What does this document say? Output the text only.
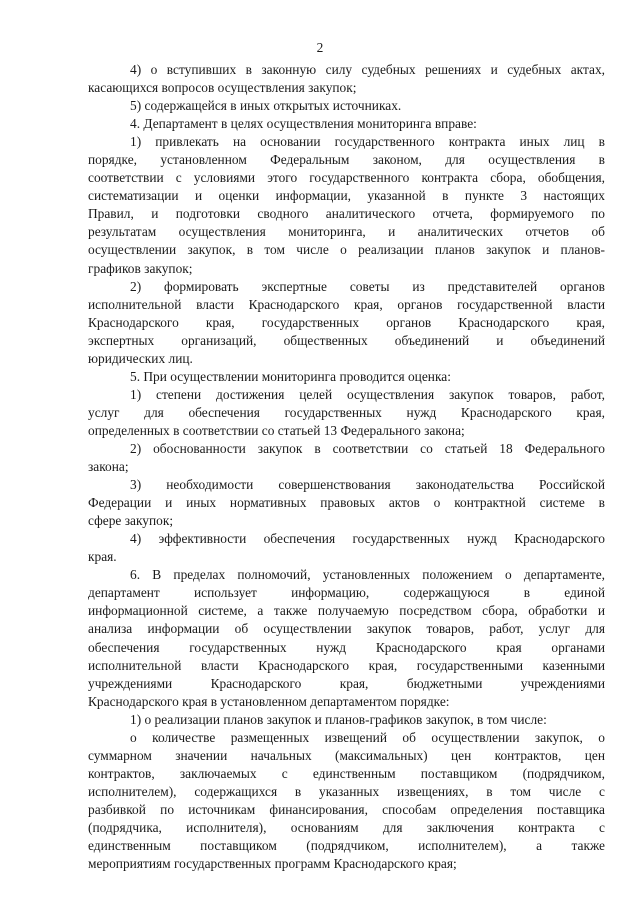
2
4) о вступивших в законную силу судебных решениях и судебных актах,
касающихся вопросов осуществления закупок;
5) содержащейся в иных открытых источниках.
4. Департамент в целях осуществления мониторинга вправе:
1) привлекать на основании государственного контракта иных лиц в
порядке, установленном Федеральным законом, для осуществления в
соответствии с условиями этого государственного контракта сбора, обобщения,
систематизации и оценки информации, указанной в пункте 3 настоящих
Правил, и подготовки сводного аналитического отчета, формируемого по
результатам осуществления мониторинга, и аналитических отчетов об
осуществлении закупок, в том числе о реализации планов закупок и планов-
графиков закупок;
2) формировать экспертные советы из представителей органов
исполнительной власти Краснодарского края, органов государственной власти
Краснодарского края, государственных органов Краснодарского края,
экспертных организаций, общественных объединений и объединений
юридических лиц.
5. При осуществлении мониторинга проводится оценка:
1) степени достижения целей осуществления закупок товаров, работ,
услуг для обеспечения государственных нужд Краснодарского края,
определенных в соответствии со статьей 13 Федерального закона;
2) обоснованности закупок в соответствии со статьей 18 Федерального
закона;
3) необходимости совершенствования законодательства Российской
Федерации и иных нормативных правовых актов о контрактной системе в
сфере закупок;
4) эффективности обеспечения государственных нужд Краснодарского
края.
6. В пределах полномочий, установленных положением о департаменте,
департамент использует информацию, содержащуюся в единой
информационной системе, а также получаемую посредством сбора, обработки и
анализа информации об осуществлении закупок товаров, работ, услуг для
обеспечения государственных нужд Краснодарского края органами
исполнительной власти Краснодарского края, государственными казенными
учреждениями Краснодарского края, бюджетными учреждениями
Краснодарского края в установленном департаментом порядке:
1) о реализации планов закупок и планов-графиков закупок, в том числе:
о количестве размещенных извещений об осуществлении закупок, о
суммарном значении начальных (максимальных) цен контрактов, цен
контрактов, заключаемых с единственным поставщиком (подрядчиком,
исполнителем), содержащихся в указанных извещениях, в том числе с
разбивкой по источникам финансирования, способам определения поставщика
(подрядчика, исполнителя), основаниям для заключения контракта с
единственным поставщиком (подрядчиком, исполнителем), а также
мероприятиям государственных программ Краснодарского края;
